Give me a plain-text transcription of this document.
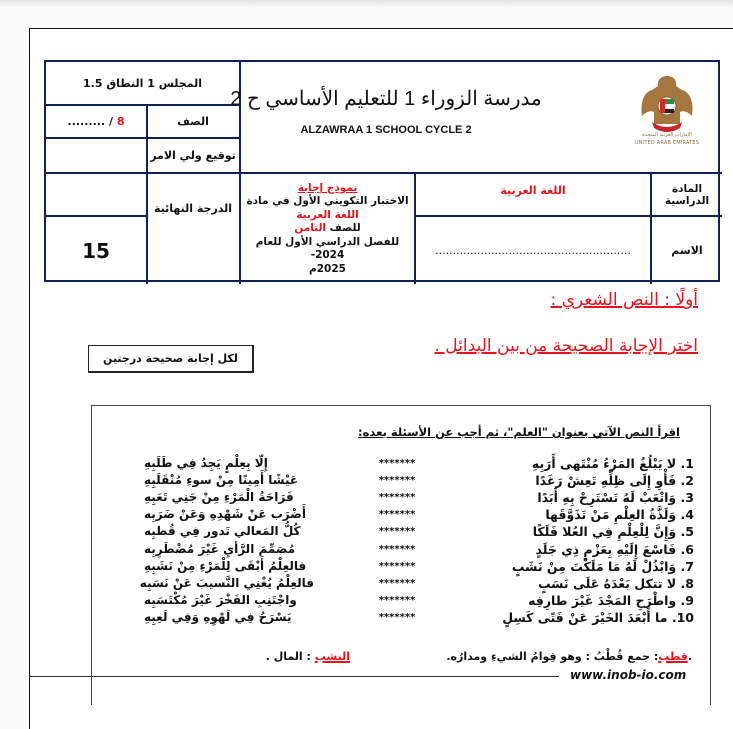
المجلس 1 النطاق 1.5
الصف
......... /
8
توقيع ولي الامر
مدرسة الزوراء 1 للتعليم الأساسي ح 2
ALZAWRAA 1 SCHOOL CYCLE 2	الإمارات العربية المتحدة
UNITED ARAB EMIRATES
المادة الدراسية
اللغة العربية
الاسم
........................................................
نموذج إجابة
الاختبار التكويني الأول في مادة
اللغة العربية
للصف الثامن
للفصل الدراسي الأول للعام 2024-
2025م
الدرجة النهائية
15
أولًا : النص الشعري :
اختر الإجابة الصحيحة من بين البدائل .
لكل إجابة صحيحة درجتين
اقرأ النص الآتي بعنوان "العلم"، ثم أجب عن الأسئلة بعده:
1. لا يَبْلُغُ المَرْءُ مُنْتَهى أَرَبِهِ
*******
إِلّا بِعِلْمٍ يَجِدُ فِي طَلَبِهِ
2. فَأْوِ إِلَى ظِلِّهِ تَعِشْ رَغَدًا
*******
عَيْشًا أَمِينًا مِنْ سوءِ مُنْقَلَبِهِ
3. وَاتْعَبْ لَهُ تَسْتَرِحْ بِهِ أَبَدًا
*******
فَرَاحَةُ الْمَرْءِ مِنْ جَنِي تَعَبِهِ
4. وَلَذَّةُ العِلْمِ مَنْ تَذَوَّقَها
*******
أَضْرَب عَنْ شَهْدِهِ وَعَنْ ضَرَبِه
5. وَإِنَّ لِلْعِلْمِ فِي العُلا فَلَكًا
*******
كُلُّ المَعالي تَدور فِي قُطبِه
6. فَاسْعَ إِلَيْهِ بِعَزْمٍ ذِي جَلَدٍ
*******
مُصَمِّمَ الرَّأيِ غَيْرَ مُضْطَرِبِه
7. وَابْذُلْ لَهُ مَا مَلَكْتَ مِنْ نَشَبٍ
*******
فالعِلْمُ أَبْقَى لِلْمَرْءِ مِنْ نَشَبِهِ
8. لا تتكل بَعْدَهُ عَلَى نَسَبٍ
*******
فالعِلْمُ يُغْنِي النَّسيبَ عَنْ نَسَبِه
9. واطْرَحِ المَجْدَ غَيْرَ طارِفِه
*******
واجْتَنِبِ الفَخْرَ غَيْرَ مُكْتَسَبِه
10. ما أَبْعَدَ الخَيْرَ عَنْ فَتًى كَسِلٍ
*******
يَسْرَحُ فِي لَهْوِهِ وَفِي لَعِبِهِ
.قطب: جمع قُطْبُ : وهو قِوامُ الشيءِ ومدارُه.
النشب : المال .
www.inob-io.com
